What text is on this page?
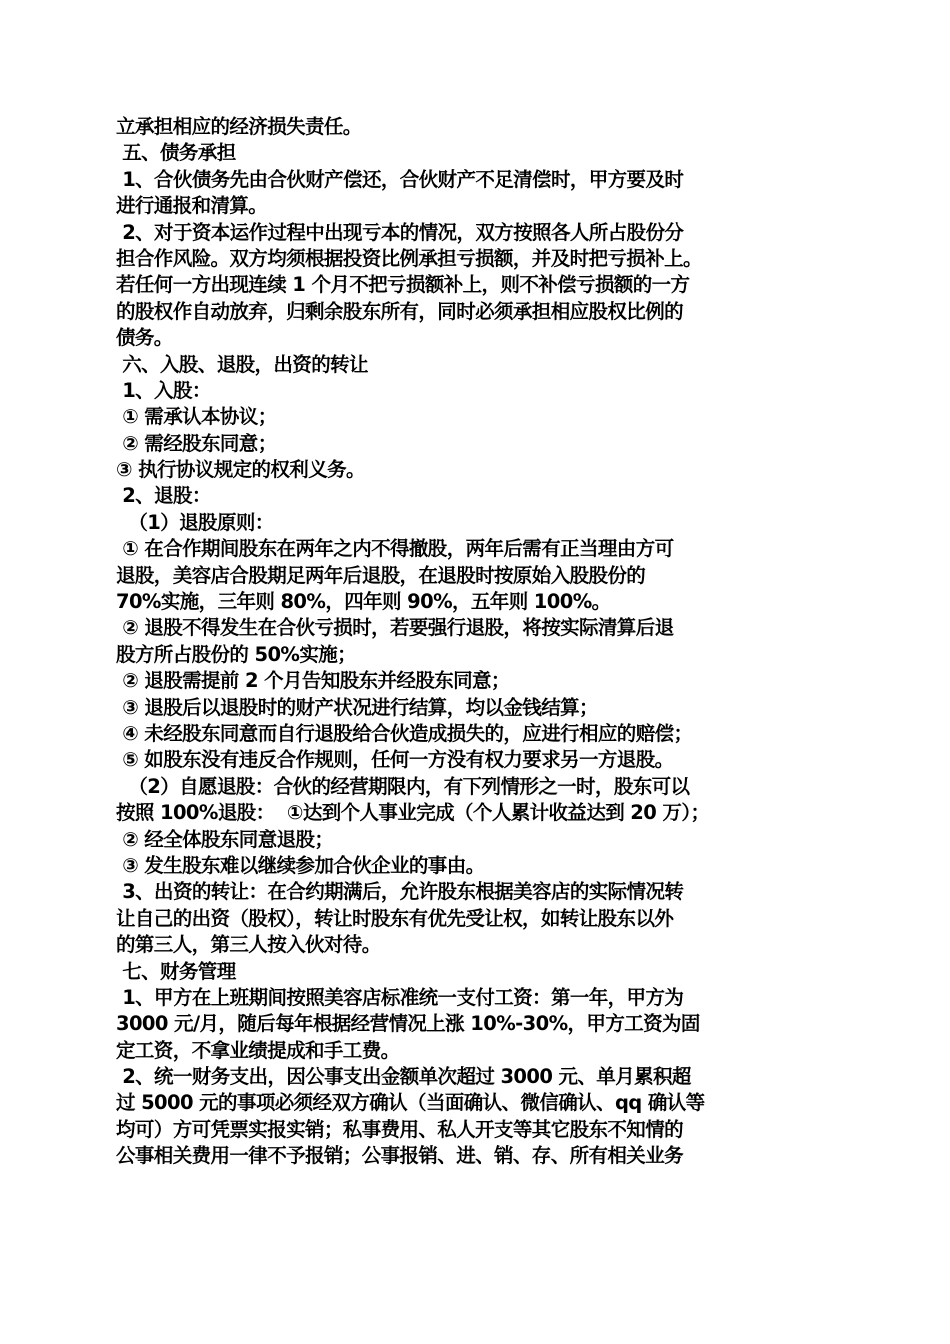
立承担相应的经济损失责任。
五、债务承担
1、合伙债务先由合伙财产偿还，合伙财产不足清偿时，甲方要及时
进行通报和清算。
2、对于资本运作过程中出现亏本的情况，双方按照各人所占股份分
担合作风险。双方均须根据投资比例承担亏损额，并及时把亏损补上。
若任何一方出现连续 1 个月不把亏损额补上，则不补偿亏损额的一方
的股权作自动放弃，归剩余股东所有，同时必须承担相应股权比例的
债务。
六、入股、退股，出资的转让
1、入股：
① 需承认本协议；
② 需经股东同意；
③ 执行协议规定的权利义务。
2、退股：
（1）退股原则：
① 在合作期间股东在两年之内不得撤股，两年后需有正当理由方可
退股，美容店合股期足两年后退股，在退股时按原始入股股份的
70%实施，三年则 80%，四年则 90%，五年则 100%。
② 退股不得发生在合伙亏损时，若要强行退股，将按实际清算后退
股方所占股份的 50%实施；
② 退股需提前 2 个月告知股东并经股东同意；
③ 退股后以退股时的财产状况进行结算，均以金钱结算；
④ 未经股东同意而自行退股给合伙造成损失的，应进行相应的赔偿；
⑤ 如股东没有违反合作规则，任何一方没有权力要求另一方退股。
（2）自愿退股：合伙的经营期限内，有下列情形之一时，股东可以
按照 100%退股：  ①达到个人事业完成（个人累计收益达到 20 万）；
② 经全体股东同意退股；
③ 发生股东难以继续参加合伙企业的事由。
3、出资的转让：在合约期满后，允许股东根据美容店的实际情况转
让自己的出资（股权），转让时股东有优先受让权，如转让股东以外
的第三人，第三人按入伙对待。
七、财务管理
1、甲方在上班期间按照美容店标准统一支付工资：第一年，甲方为
3000 元/月，随后每年根据经营情况上涨 10%-30%，甲方工资为固
定工资，不拿业绩提成和手工费。
2、统一财务支出，因公事支出金额单次超过 3000 元、单月累积超
过 5000 元的事项必须经双方确认（当面确认、微信确认、qq 确认等
均可）方可凭票实报实销；私事费用、私人开支等其它股东不知情的
公事相关费用一律不予报销；公事报销、进、销、存、所有相关业务
